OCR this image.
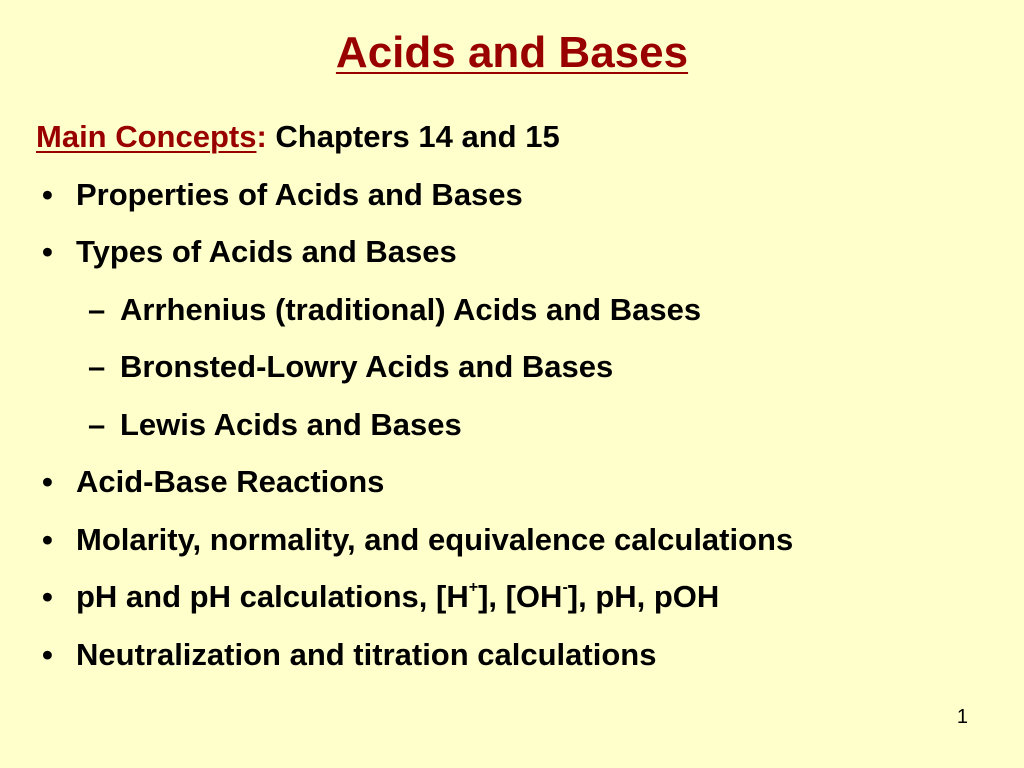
Acids and Bases
Main Concepts: Chapters 14 and 15
• Properties of Acids and Bases
• Types of Acids and Bases
– Arrhenius (traditional) Acids and Bases
– Bronsted-Lowry Acids and Bases
– Lewis Acids and Bases
• Acid-Base Reactions
• Molarity, normality, and equivalence calculations
• pH and pH calculations, [H+], [OH-], pH, pOH
• Neutralization and titration calculations
1
